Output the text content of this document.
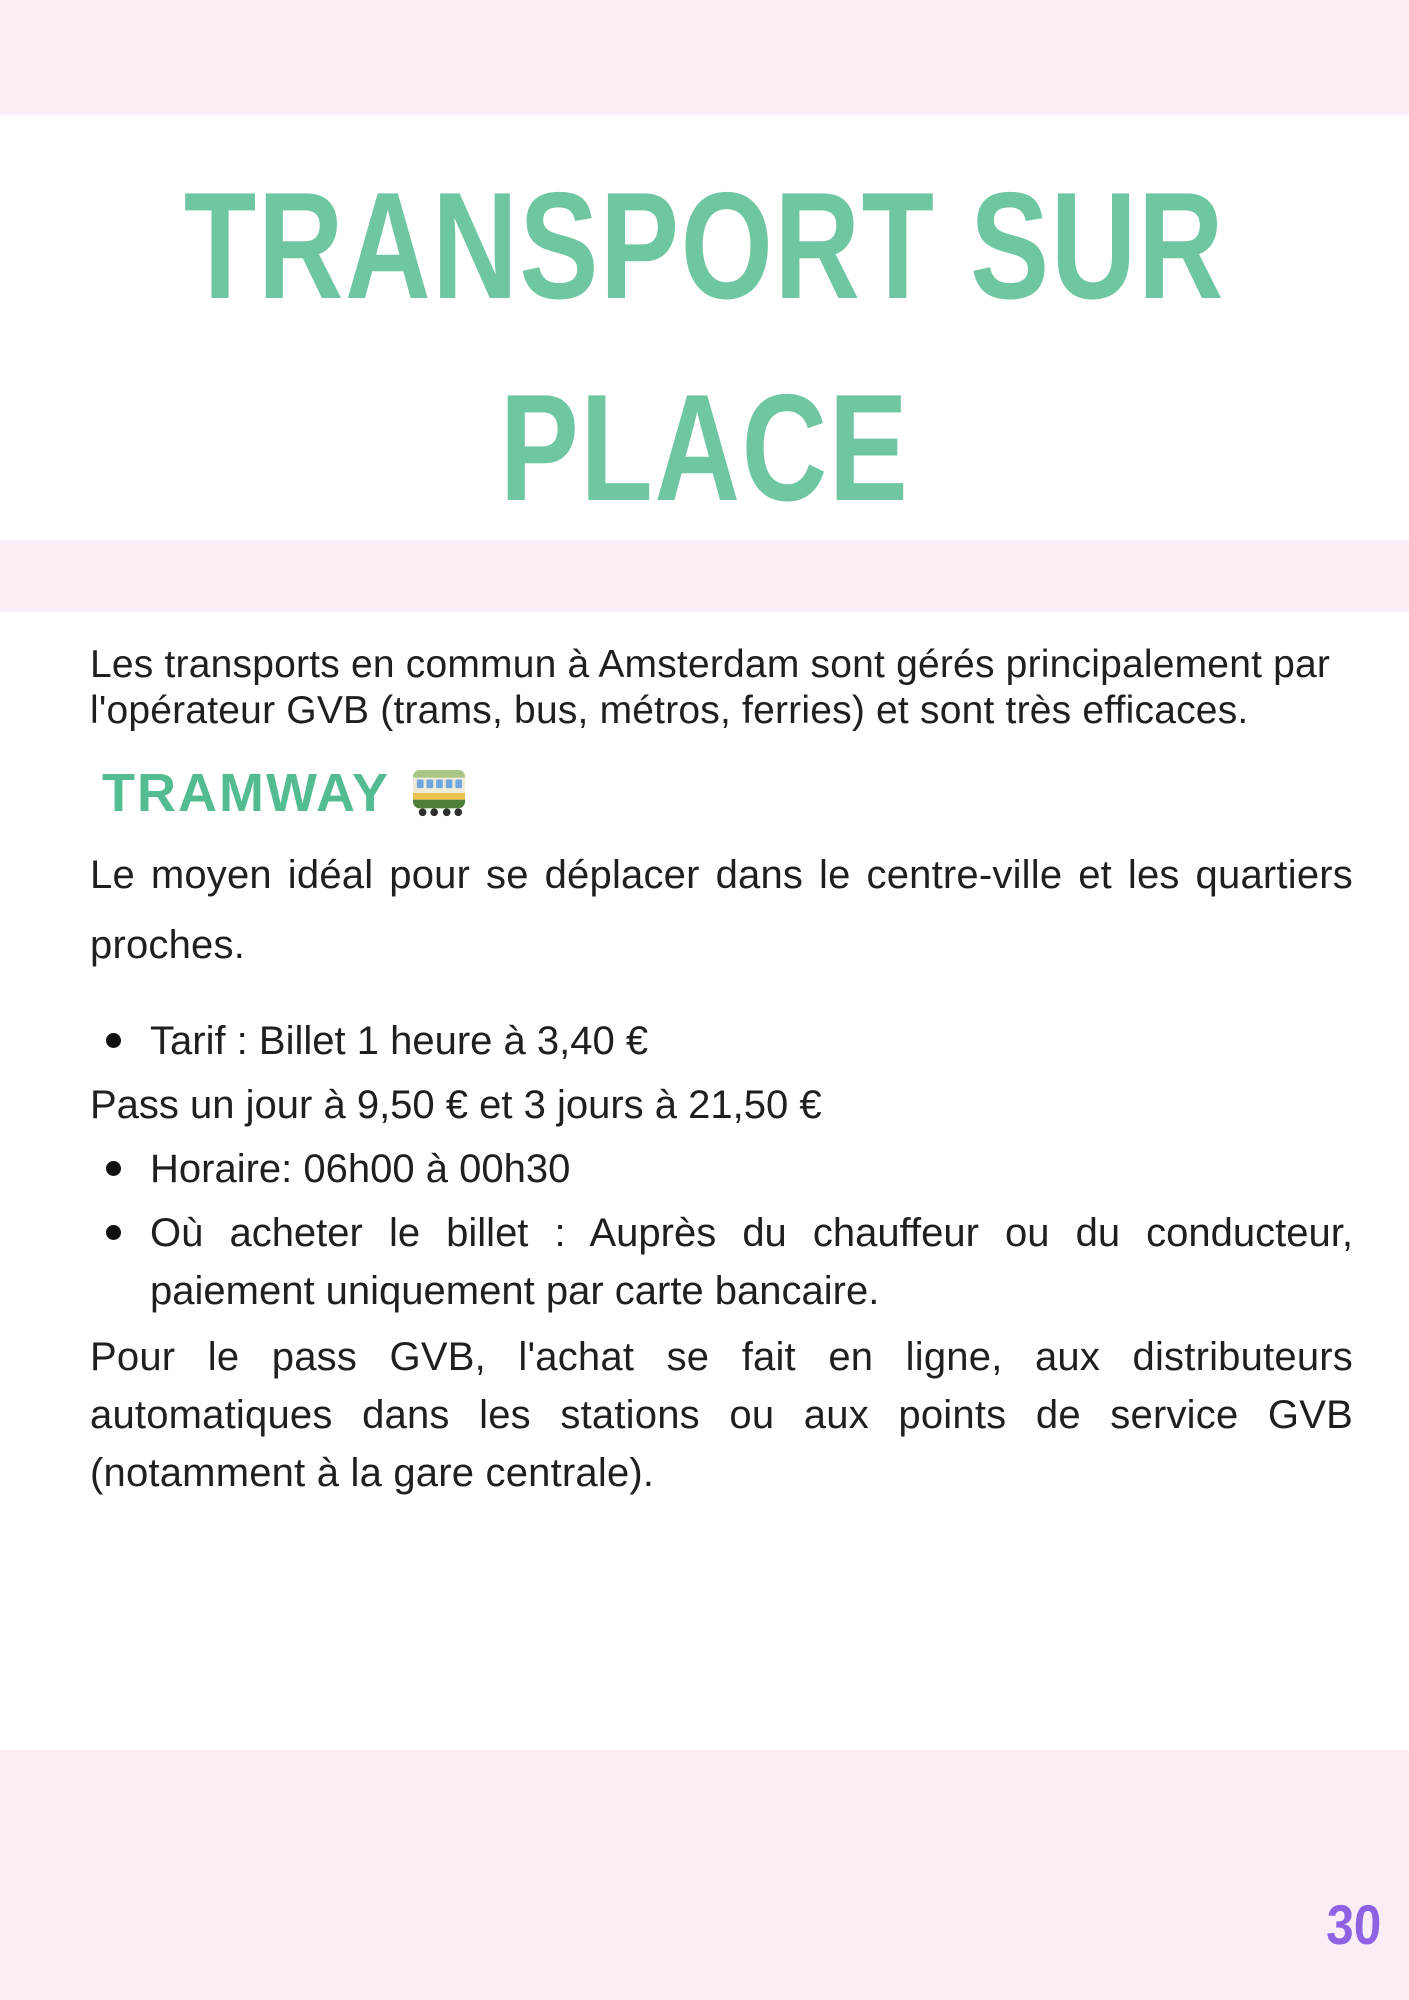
TRANSPORT SUR
PLACE
Les transports en commun à Amsterdam sont gérés principalement par
l'opérateur GVB (trams, bus, métros, ferries) et sont très efficaces.
TRAMWAY
Le moyen idéal pour se déplacer dans le centre-ville et les quartiers
proches.
Tarif : Billet 1 heure à 3,40 €
Pass un jour à 9,50 € et 3 jours à 21,50 €
Horaire: 06h00 à 00h30
Où acheter le billet : Auprès du chauffeur ou du conducteur,
paiement uniquement par carte bancaire.
Pour le pass GVB, l'achat se fait en ligne, aux distributeurs
automatiques dans les stations ou aux points de service GVB
(notamment à la gare centrale).
30
